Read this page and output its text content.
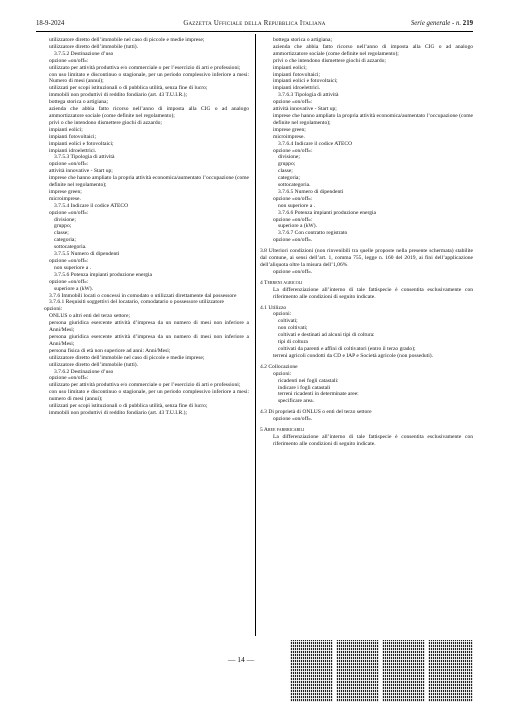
18-9-2024	Gazzetta Ufficiale della Repubblica Italiana	Serie generale - n. 219

utilizzatore diretto dell’immobile nel caso di piccole e medie imprese;

utilizzatore diretto dell’immobile (tutti).

3.7.5.2 Destinazione d’uso

opzione «on/off»:

utilizzato per attività produttiva e/o commerciale o per l’esercizio di arti e professioni;

con uso limitato e discontinuo o stagionale, per un periodo complessivo inferiore a mesi: Numero di mesi (annui);

utilizzati per scopi istituzionali o di pubblica utilità, senza fine di lucro;

immobili non produttivi di reddito fondiario (art. 43 T.U.I.R.);

bottega storica o artigiana;

azienda che abbia fatto ricorso nell’anno di imposta alla CIG o ad analogo ammortizzatore sociale (come definite nel regolamento);

privi o che intendono dismettere giochi di azzardo;

impianti eolici;

impianti fotovoltaici;

impianti eolici e fotovoltaici;

impianti idroelettrici.

3.7.5.3 Tipologia di attività

opzione «on/off»:

attività innovative - Start up;

imprese che hanno ampliato la propria attività economica/aumentato l’occupazione (come definite nel regolamento);

imprese green;

microimprese.

3.7.5.4 Indicare il codice ATECO

opzione «on/off»:

divisione;

gruppo;

classe;

categoria;

sottocategoria.

3.7.5.5 Numero di dipendenti

opzione «on/off»:

non superiore a .

3.7.5.6 Potenza impianti produzione energia

opzione «on/off»:

superiore a (kW).

3.7.6 Immobili locati o concessi in comodato o utilizzati direttamente dal possessore

3.7.6.1 Requisiti soggettivi del locatario, comodatario o possessore utilizzatore

opzioni:

ONLUS o altri enti del terzo settore;

persona giuridica esercente attività d’impresa da un numero di mesi non inferiore a Anni/Mesi;

persona giuridica esercente attività d’impresa da un numero di mesi non inferiore a Anni/Mesi;

persona fisica di età non superiore ad anni: Anni/Mesi;

utilizzatore diretto dell’immobile nel caso di piccole e medie imprese;

utilizzatore diretto dell’immobile (tutti).

3.7.6.2 Destinazione d’uso

opzione «on/off»:

utilizzato per attività produttiva e/o commerciale o per l’esercizio di arti e professioni;

con uso limitato e discontinuo o stagionale, per un periodo complessivo inferiore a mesi: numero di mesi (annui);

utilizzati per scopi istituzionali o di pubblica utilità, senza fine di lucro;

immobili non produttivi di reddito fondiario (art. 43 T.U.I.R.);

bottega storica o artigiana;

azienda che abbia fatto ricorso nell’anno di imposta alla CIG o ad analogo ammortizzatore sociale (come definite nel regolamento);

privi o che intendono dismettere giochi di azzardo;

impianti eolici;

impianti fotovoltaici;

impianti eolici e fotovoltaici;

impianti idroelettrici.

3.7.6.3 Tipologia di attività

opzione «on/off»:

attività innovative - Start up;

imprese che hanno ampliato la propria attività economica/aumentato l’occupazione (come definite nel regolamento);

imprese green;

microimprese.

3.7.6.4 Indicare il codice ATECO

opzione «on/off»:

divisione;

gruppo;

classe;

categoria;

sottocategoria.

3.7.6.5 Numero di dipendenti

opzione «on/off»:

non superiore a .

3.7.6.6 Potenza impianti produzione energia

opzione «on/off»:

superiore a (kW).

3.7.6.7 Con contratto registrato

opzione «on/off».

3.8 Ulteriori condizioni (non rinvenibili tra quelle proposte nella presente schermata) stabilite dal comune, ai sensi dell’art. 1, comma 755, legge n. 160 del 2019, ai fini dell’applicazione dell’aliquota oltre la misura dell’1,06%

opzione «on/off».

4 Terreni agricoli

La differenziazione all’interno di tale fattispecie è consentita esclusivamente con riferimento alle condizioni di seguito indicate.

4.1 Utilizzo

opzioni:

coltivati;

non coltivati;

coltivati e destinati ad alcuni tipi di coltura:

tipi di coltura

coltivati da parenti e affini di coltivatori (entro il terzo grado);

terreni agricoli condotti da CD e IAP e Società agricole (non posseduti).

4.2 Collocazione

opzioni:

ricadenti nei fogli catastali:

indicare i fogli catastali

terreni ricadenti in determinate aree:

specificare area.

4.3 Di proprietà di ONLUS o enti del terzo settore

opzione «on/off».

5 Aree fabbricabili

La differenziazione all’interno di tale fattispecie è consentita esclusivamente con riferimento alle condizioni di seguito indicate.

— 14 —
